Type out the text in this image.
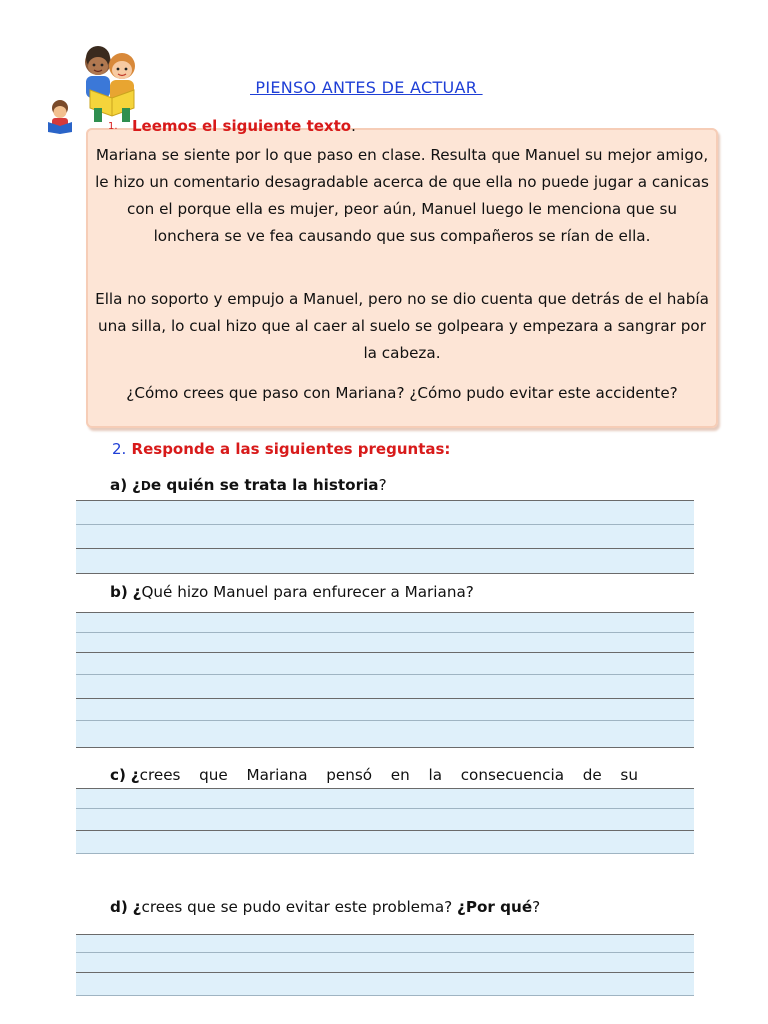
PIENSO ANTES DE ACTUAR
Mariana se siente por lo que paso en clase. Resulta que Manuel su mejor amigo, le hizo un comentario desagradable acerca de que ella no puede jugar a canicas con el porque ella es mujer, peor aún, Manuel luego le menciona que su lonchera se ve fea causando que sus compañeros se rían de ella.
Ella no soporto y empujo a Manuel, pero no se dio cuenta que detrás de el había una silla, lo cual hizo que al caer al suelo se golpeara y empezara a sangrar por la cabeza.
¿Cómo crees que paso con Mariana? ¿Cómo pudo evitar este accidente?
1. Leemos el siguiente texto.
2. Responde a las siguientes preguntas:
a) ¿De quién se trata la historia?
b) ¿Qué hizo Manuel para enfurecer a Mariana?
c) ¿crees que Mariana pensó en la consecuencia de su
d) ¿crees que se pudo evitar este problema? ¿Por qué?
